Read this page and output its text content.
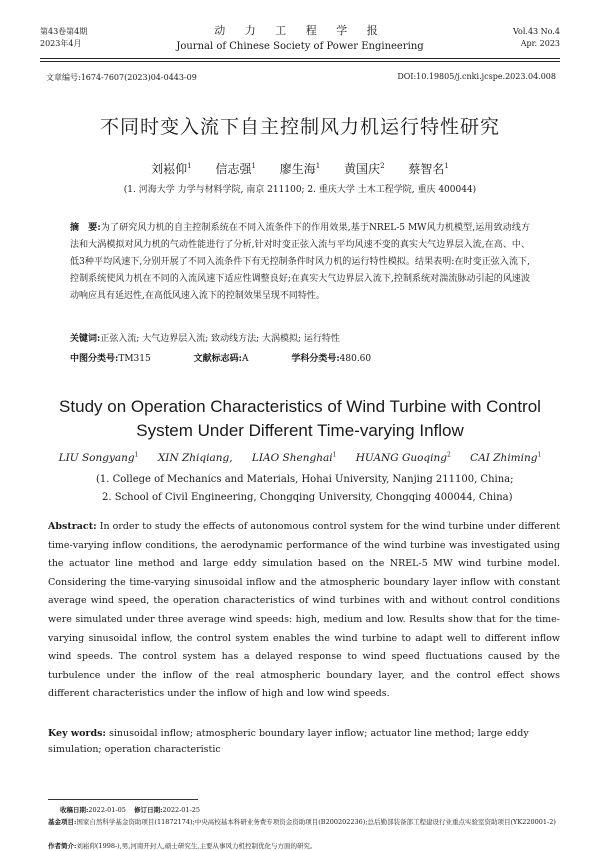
第43卷第4期
2023年4月
动 力 工 程 学 报
Journal of Chinese Society of Power Engineering
Vol.43 No.4
Apr. 2023
文章编号:1674-7607(2023)04-0443-09	DOI:10.19805/j.cnki.jcspe.2023.04.008
不同时变入流下自主控制风力机运行特性研究
刘崧仰$^1$ 信志强$^1$ 廖生海$^1$ 黄国庆$^2$ 蔡智名$^1$
(1. 河海大学 力学与材料学院, 南京 211100; 2. 重庆大学 土木工程学院, 重庆 400044)
摘　要:为了研究风力机的自主控制系统在不同入流条件下的作用效果,基于NREL-5 MW风力机模型,运用致动线方法和大涡模拟对风力机的气动性能进行了分析,针对时变正弦入流与平均风速不变的真实大气边界层入流,在高、中、低3种平均风速下,分别开展了不同入流条件下有无控制条件时风力机的运行特性模拟。结果表明:在时变正弦入流下,控制系统使风力机在不同的入流风速下适应性调整良好;在真实大气边界层入流下,控制系统对湍流脉动引起的风速波动响应具有延迟性,在高低风速入流下的控制效果呈现不同特性。
关键词:正弦入流; 大气边界层入流; 致动线方法; 大涡模拟; 运行特性
中图分类号:TM315	文献标志码:A	学科分类号:480.60
Study on Operation Characteristics of Wind Turbine with Control
System Under Different Time-varying Inflow
LIU Songyang$^1$ XIN Zhiqiang, LIAO Shenghai$^1$ HUANG Guoqing$^2$ CAI Zhiming$^1$
(1. College of Mechanics and Materials, Hohai University, Nanjing 211100, China;
2. School of Civil Engineering, Chongqing University, Chongqing 400044, China)
Abstract: In order to study the effects of autonomous control system for the wind turbine under different time-varying inflow conditions, the aerodynamic performance of the wind turbine was investigated using the actuator line method and large eddy simulation based on the NREL-5 MW wind turbine model. Considering the time-varying sinusoidal inflow and the atmospheric boundary layer inflow with constant average wind speed, the operation characteristics of wind turbines with and without control conditions were simulated under three average wind speeds: high, medium and low. Results show that for the time-varying sinusoidal inflow, the control system enables the wind turbine to adapt well to different inflow wind speeds. The control system has a delayed response to wind speed fluctuations caused by the turbulence under the inflow of the real atmospheric boundary layer, and the control effect shows different characteristics under the inflow of high and low wind speeds.
Key words: sinusoidal inflow; atmospheric boundary layer inflow; actuator line method; large eddy simulation; operation characteristic
收稿日期:2022-01-05 修订日期:2022-01-25
基金项目:国家自然科学基金资助项目(11872174);中央高校基本科研业务费专项资金资助项目(B200202236);总后勤部装备部工程建设行业重点实验室资助项目(YK220001-2)
作者简介:刘崧仰(1998-),男,河南开封人,硕士研究生,主要从事风力机控制优化与方面的研究。
